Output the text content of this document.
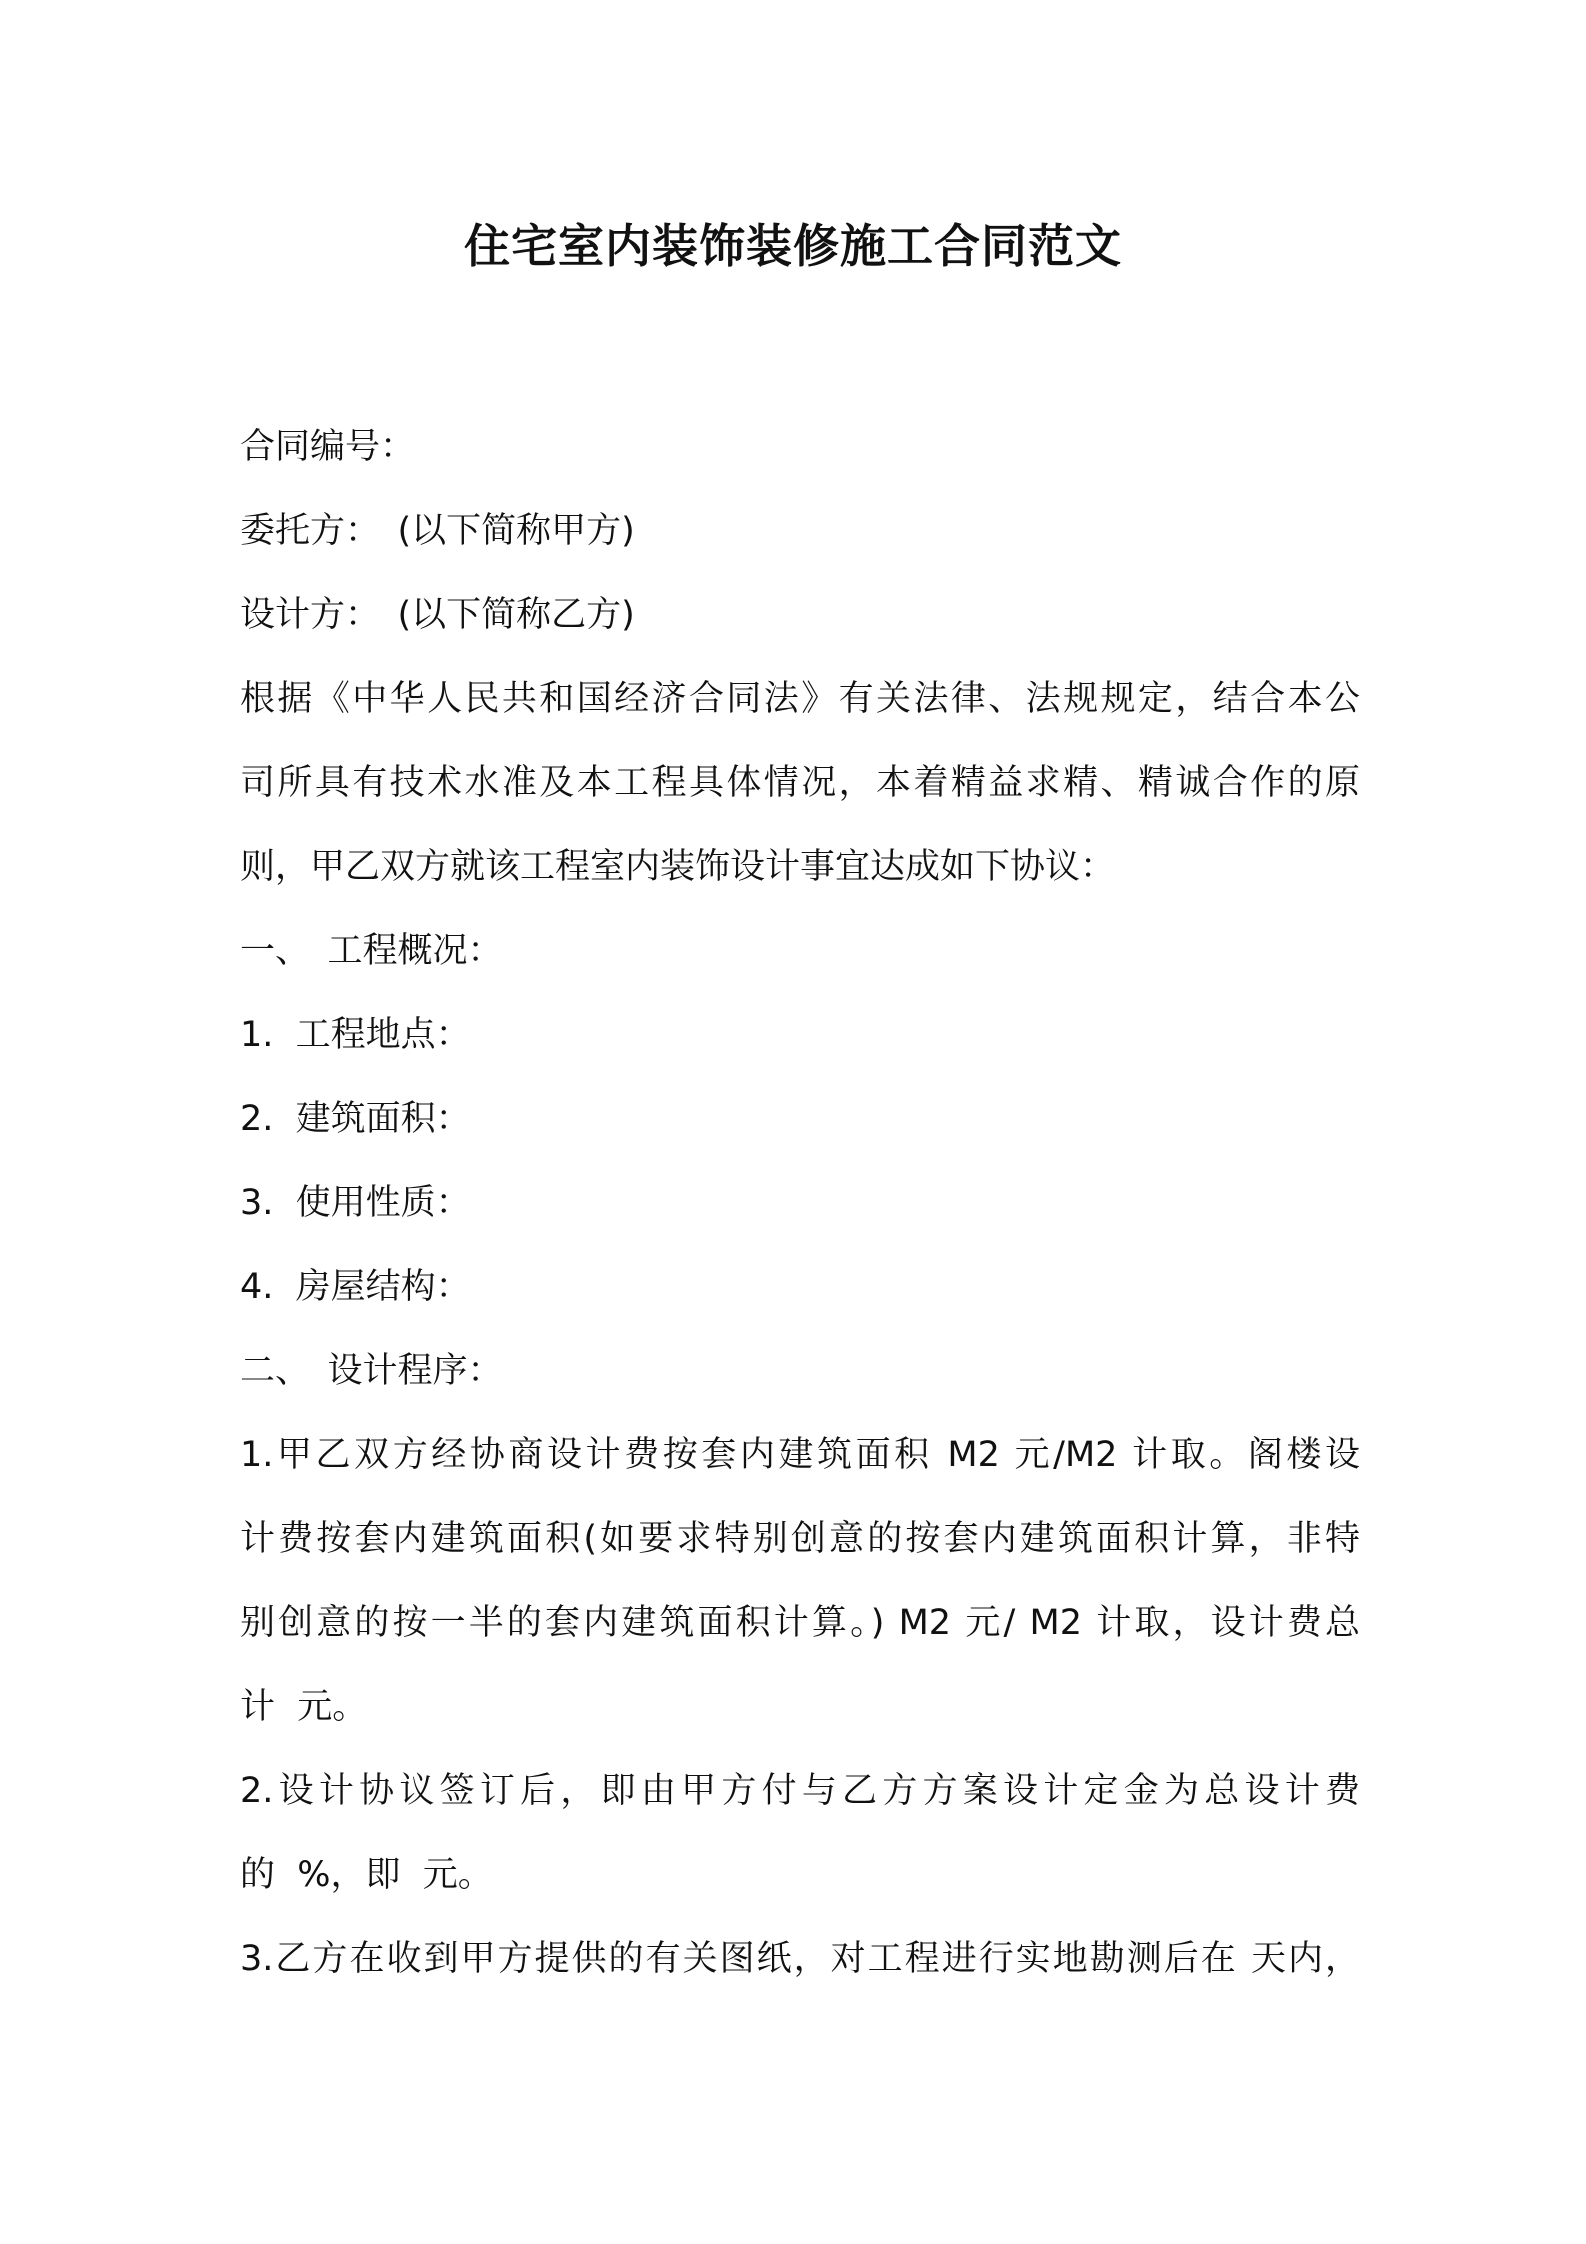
住宅室内装饰装修施工合同范文

合同编号：

委托方：　(以下简称甲方)

设计方：　(以下简称乙方)

根据《中华人民共和国经济合同法》有关法律、法规规定，结合本公

司所具有技术水准及本工程具体情况，本着精益求精、精诚合作的原

则，甲乙双方就该工程室内装饰设计事宜达成如下协议：

一、　工程概况：

1.  工程地点：

2.  建筑面积：

3.  使用性质：

4.  房屋结构：

二、　设计程序：

1.甲乙双方经协商设计费按套内建筑面积 M2 元/M2 计取。阁楼设

计费按套内建筑面积(如要求特别创意的按套内建筑面积计算，非特

别创意的按一半的套内建筑面积计算。) M2 元/ M2 计取，设计费总

计  元。

2.设计协议签订后，即由甲方付与乙方方案设计定金为总设计费

的  %，即  元。

3.乙方在收到甲方提供的有关图纸，对工程进行实地勘测后在 天内，
